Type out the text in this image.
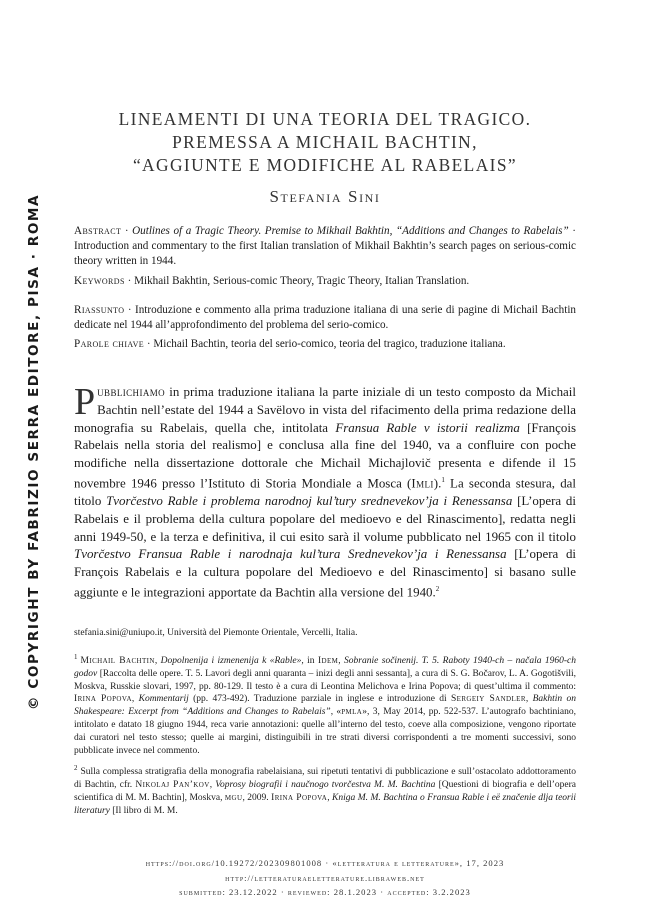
© COPYRIGHT BY FABRIZIO SERRA EDITORE, PISA · ROMA
LINEAMENTI DI UNA TEORIA DEL TRAGICO.
PREMESSA A MICHAIL BACHTIN,
“AGGIUNTE E MODIFICHE AL RABELAIS”
Stefania Sini

Abstract · Outlines of a Tragic Theory. Premise to Mikhail Bakhtin, “Additions and Changes to Rabelais” · Introduction and commentary to the first Italian translation of Mikhail Bakhtin’s search pages on serious-comic theory written in 1944.

Keywords · Mikhail Bakhtin, Serious-comic Theory, Tragic Theory, Italian Translation.

Riassunto · Introduzione e commento alla prima traduzione italiana di una serie di pagine di Michail Bachtin dedicate nel 1944 all’approfondimento del problema del serio-comico.

Parole chiave · Michail Bachtin, teoria del serio-comico, teoria del tragico, traduzione italiana.

Pubblichiamo in prima traduzione italiana la parte iniziale di un testo composto da Michail Bachtin nell’estate del 1944 a Savëlovo in vista del rifacimento della prima redazione della monografia su Rabelais, quella che, intitolata Fransua Rable v istorii realizma [François Rabelais nella storia del realismo] e conclusa alla fine del 1940, va a confluire con poche modifiche nella dissertazione dottorale che Michail Michajlovič presenta e difende il 15 novembre 1946 presso l’Istituto di Storia Mondiale a Mosca (Imli).$^1$ La seconda stesura, dal titolo Tvorčestvo Rable i problema narodnoj kul’tury srednevekov’ja i Renessansa [L’opera di Rabelais e il problema della cultura popolare del medioevo e del Rinascimento], redatta negli anni 1949-50, e la terza e definitiva, il cui esito sarà il volume pubblicato nel 1965 con il titolo Tvorčestvo Fransua Rable i narodnaja kul’tura Srednevekov’ja i Renessansa [L’opera di François Rabelais e la cultura popolare del Medioevo e del Rinascimento] si basano sulle aggiunte e le integrazioni apportate da Bachtin alla versione del 1940.$^2$

stefania.sini@uniupo.it, Università del Piemonte Orientale, Vercelli, Italia.

$^1$ Michail Bachtin, Dopolnenija i izmenenija k «Rable», in Idem, Sobranie sočinenij. T. 5. Raboty 1940-ch – načala 1960-ch godov [Raccolta delle opere. T. 5. Lavori degli anni quaranta – inizi degli anni sessanta], a cura di S. G. Bočarov, L. A. Gogotišvili, Moskva, Russkie slovari, 1997, pp. 80-129. Il testo è a cura di Leontina Melichova e Irina Popova; di quest’ultima il commento: Irina Popova, Kommentarij (pp. 473-492). Traduzione parziale in inglese e introduzione di Sergeiy Sandler, Bakhtin on Shakespeare: Excerpt from “Additions and Changes to Rabelais”, «pmla», 3, May 2014, pp. 522-537. L’autografo bachtiniano, intitolato e datato 18 giugno 1944, reca varie annotazioni: quelle all’interno del testo, coeve alla composizione, vengono riportate dai curatori nel testo stesso; quelle ai margini, distinguibili in tre strati diversi corrispondenti a tre momenti successivi, sono pubblicate invece nel commento.

$^2$ Sulla complessa stratigrafia della monografia rabelaisiana, sui ripetuti tentativi di pubblicazione e sull’ostacolato addottoramento di Bachtin, cfr. Nikolaj Pan’kov, Voprosy biografii i naučnogo tvorčestva M. M. Bachtina [Questioni di biografia e dell’opera scientifica di M. M. Bachtin], Moskva, mgu, 2009. Irina Popova, Kniga M. M. Bachtina o Fransua Rable i eë značenie dlja teorii literatury [Il libro di M. M.

https://doi.org/10.19272/202309801008 · «letteratura e letterature», 17, 2023
http://letteraturaeletterature.libraweb.net
submitted: 23.12.2022 · reviewed: 28.1.2023 · accepted: 3.2.2023
